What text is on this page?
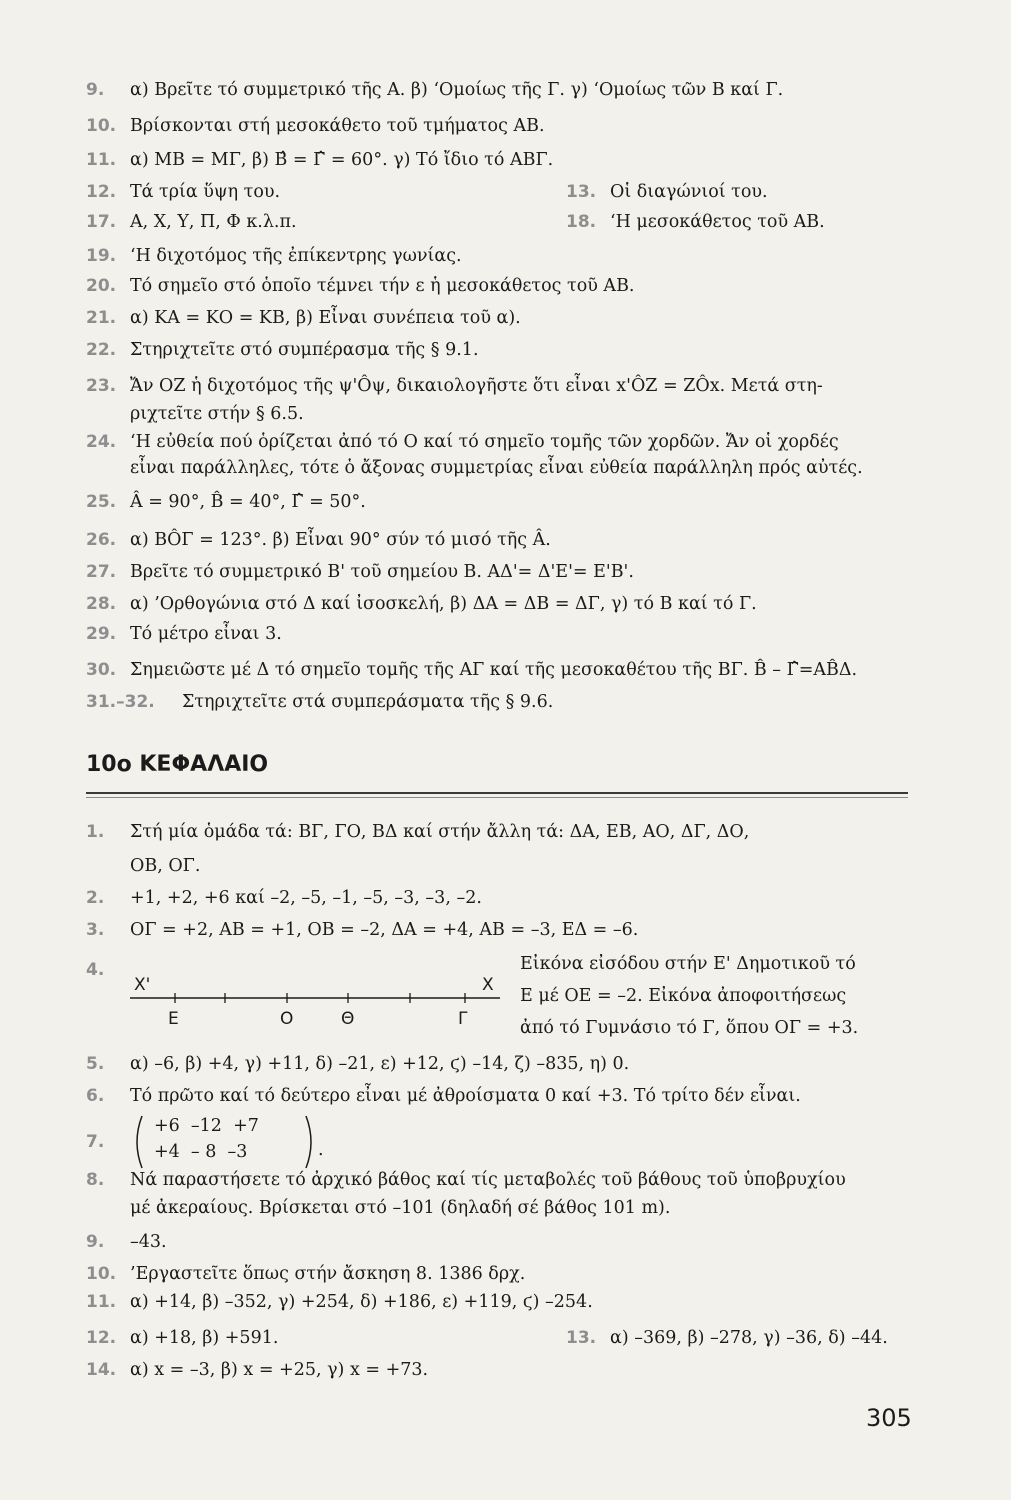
9. α) Βρεῖτε τό συμμετρικό τῆς Α. β) ‘Ομοίως τῆς Γ. γ) ‘Ομοίως τῶν Β καί Γ.
10. Βρίσκονται στή μεσοκάθετο τοῦ τμήματος ΑΒ.
11. α) ΜΒ = ΜΓ, β) Β̂ = Γ̂ = 60°. γ) Τό ἴδιο τό ΑΒΓ.
12. Τά τρία ὕψη του.	13. Οἱ διαγώνιοί του.
17. Α, Χ, Υ, Π, Φ κ.λ.π.	18. ‘Η μεσοκάθετος τοῦ ΑΒ.
19. ‘Η διχοτόμος τῆς ἐπίκεντρης γωνίας.
20. Τό σημεῖο στό ὁποῖο τέμνει τήν ε ἡ μεσοκάθετος τοῦ ΑΒ.
21. α) ΚΑ = ΚΟ = ΚΒ, β) Εἶναι συνέπεια τοῦ α).
22. Στηριχτεῖτε στό συμπέρασμα τῆς § 9.1.
23. Ἄν ΟΖ ἡ διχοτόμος τῆς ψ'Ôψ, δικαιολογῆστε ὅτι εἶναι x'ÔZ = ZÔx. Μετά στη-
ριχτεῖτε στήν § 6.5.
24. ‘Η εὐθεία πού ὁρίζεται ἀπό τό Ο καί τό σημεῖο τομῆς τῶν χορδῶν. Ἄν οἱ χορδές
εἶναι παράλληλες, τότε ὁ ἄξονας συμμετρίας εἶναι εὐθεία παράλληλη πρός αὐτές.
25. Â = 90°, B̂ = 40°, Γ̂ = 50°.
26. α) ΒÔΓ = 123°. β) Εἶναι 90° σύν τό μισό τῆς Â.
27. Βρεῖτε τό συμμετρικό Β' τοῦ σημείου Β. ΑΔ'= Δ'Ε'= Ε'Β'.
28. α) ’Ορθογώνια στό Δ καί ἰσοσκελή, β) ΔΑ = ΔΒ = ΔΓ, γ) τό Β καί τό Γ.
29. Τό μέτρο εἶναι 3.
30. Σημειῶστε μέ Δ τό σημεῖο τομῆς τῆς ΑΓ καί τῆς μεσοκαθέτου τῆς ΒΓ. B̂ – Γ̂=ΑB̂Δ.
31.–32. Στηριχτεῖτε στά συμπεράσματα τῆς § 9.6.
10ο ΚΕΦΑΛΑΙΟ
1. Στή μία ὁμάδα τά: ΒΓ, ΓΟ, ΒΔ καί στήν ἄλλη τά: ΔΑ, ΕΒ, ΑΟ, ΔΓ, ΔΟ,
ΟΒ, ΟΓ.
2. +1, +2, +6 καί –2, –5, –1, –5, –3, –3, –2.
3. ΟΓ = +2, ΑΒ = +1, ΟΒ = –2, ΔΑ = +4, ΑΒ = –3, ΕΔ = –6.
4.
X'	X
Ε	Ο	Θ	Γ
Εἰκόνα εἰσόδου στήν Ε' Δημοτικοῦ τό
Ε μέ ΟΕ = –2. Εἰκόνα ἀποφοιτήσεως
ἀπό τό Γυμνάσιο τό Γ, ὅπου ΟΓ = +3.
5. α) –6, β) +4, γ) +11, δ) –21, ε) +12, ϛ) –14, ζ) –835, η) 0.
6. Τό πρῶτο καί τό δεύτερο εἶναι μέ ἀθροίσματα 0 καί +3. Τό τρίτο δέν εἶναι.
7.
+6  –12  +7
+4  – 8  –3	.
8. Νά παραστήσετε τό ἀρχικό βάθος καί τίς μεταβολές τοῦ βάθους τοῦ ὑποβρυχίου
μέ ἀκεραίους. Βρίσκεται στό –101 (δηλαδή σέ βάθος 101 m).
9. –43.
10. ’Εργαστεῖτε ὅπως στήν ἄσκηση 8. 1386 δρχ.
11. α) +14, β) –352, γ) +254, δ) +186, ε) +119, ϛ) –254.
12. α) +18, β) +591.	13. α) –369, β) –278, γ) –36, δ) –44.
14. α) x = –3, β) x = +25, γ) x = +73.
305
